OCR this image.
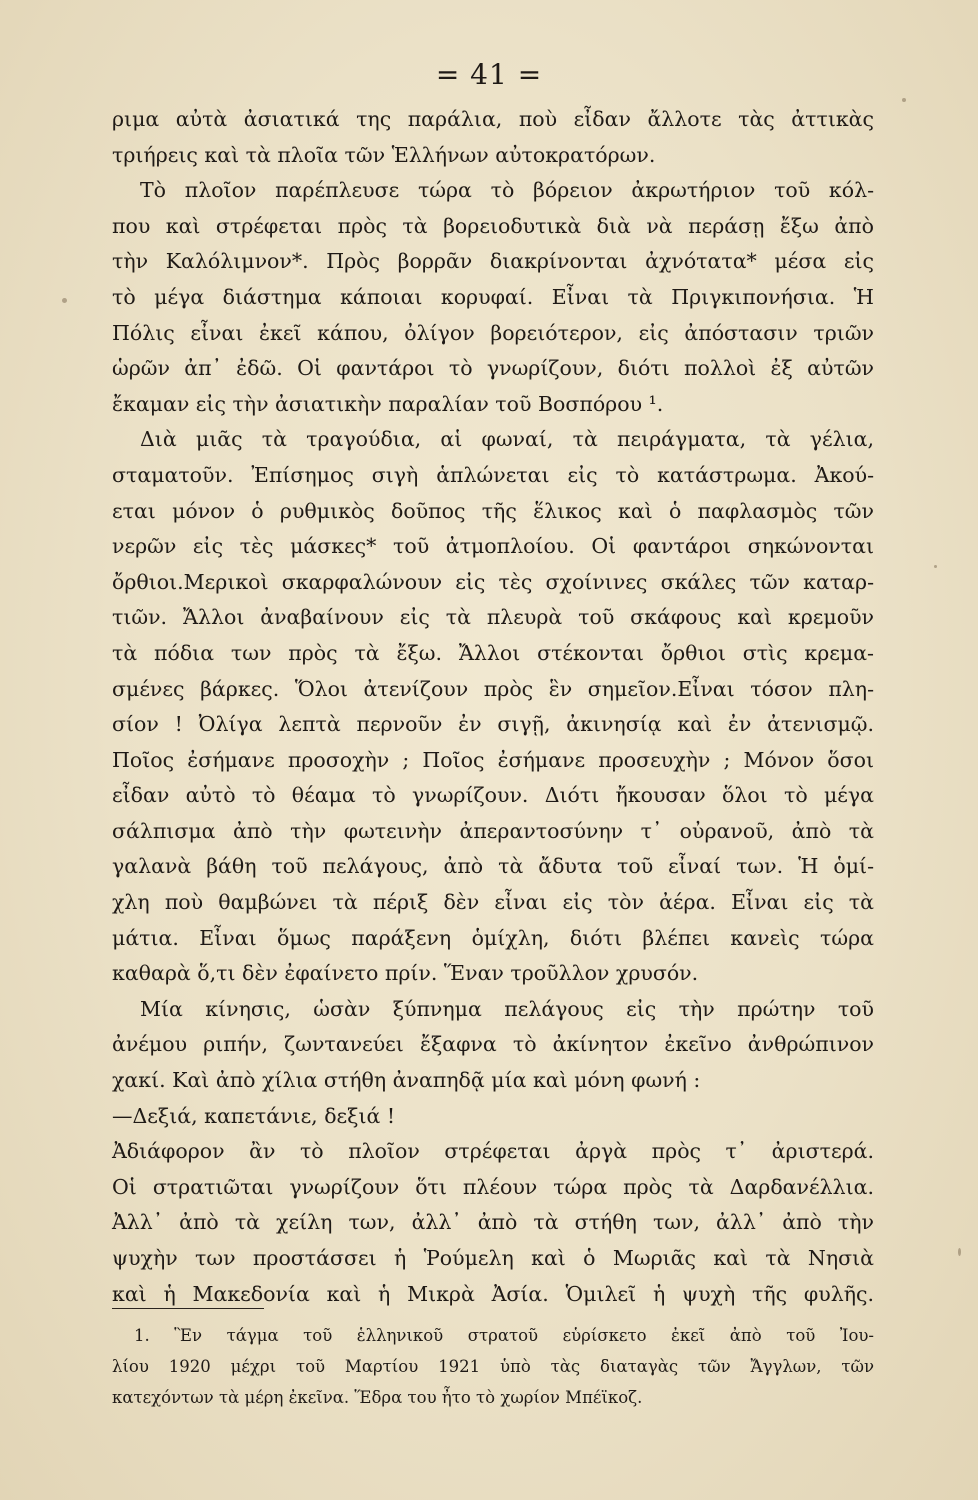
= 41 =
ριμα αὐτὰ ἀσιατικά της παράλια, ποὺ εἶδαν ἄλλοτε τὰς ἀττικὰς
τριήρεις καὶ τὰ πλοῖα τῶν Ἑλλήνων αὐτοκρατόρων.
Τὸ πλοῖον παρέπλευσε τώρα τὸ βόρειον ἀκρωτήριον τοῦ κόλ-
που καὶ στρέφεται πρὸς τὰ βορειοδυτικὰ διὰ νὰ περάσῃ ἔξω ἀπὸ
τὴν Καλόλιμνον*. Πρὸς βορρᾶν διακρίνονται ἀχνότατα* μέσα εἰς
τὸ μέγα διάστημα κάποιαι κορυφαί. Εἶναι τὰ Πριγκιπονήσια. Ἡ
Πόλις εἶναι ἐκεῖ κάπου, ὀλίγον βορειότερον, εἰς ἀπόστασιν τριῶν
ὡρῶν ἀπ᾽ ἐδῶ. Οἱ φαντάροι τὸ γνωρίζουν, διότι πολλοὶ ἐξ αὐτῶν
ἔκαμαν εἰς τὴν ἀσιατικὴν παραλίαν τοῦ Βοσπόρου ¹.
Διὰ μιᾶς τὰ τραγούδια, αἱ φωναί, τὰ πειράγματα, τὰ γέλια,
σταματοῦν. Ἐπίσημος σιγὴ ἁπλώνεται εἰς τὸ κατάστρωμα. Ἀκού-
εται μόνον ὁ ρυθμικὸς δοῦπος τῆς ἕλικος καὶ ὁ παφλασμὸς τῶν
νερῶν εἰς τὲς μάσκες* τοῦ ἀτμοπλοίου. Οἱ φαντάροι σηκώνονται
ὄρθιοι.Μερικοὶ σκαρφαλώνουν εἰς τὲς σχοίνινες σκάλες τῶν καταρ-
τιῶν. Ἄλλοι ἀναβαίνουν εἰς τὰ πλευρὰ τοῦ σκάφους καὶ κρεμοῦν
τὰ πόδια των πρὸς τὰ ἔξω. Ἄλλοι στέκονται ὄρθιοι στὶς κρεμα-
σμένες βάρκες. Ὅλοι ἀτενίζουν πρὸς ἓν σημεῖον.Εἶναι τόσον πλη-
σίον ! Ὀλίγα λεπτὰ περνοῦν ἐν σιγῇ, ἀκινησίᾳ καὶ ἐν ἀτενισμῷ.
Ποῖος ἐσήμανε προσοχὴν ; Ποῖος ἐσήμανε προσευχὴν ; Μόνον ὅσοι
εἶδαν αὐτὸ τὸ θέαμα τὸ γνωρίζουν. Διότι ἤκουσαν ὅλοι τὸ μέγα
σάλπισμα ἀπὸ τὴν φωτεινὴν ἀπεραντοσύνην τ᾽ οὐρανοῦ, ἀπὸ τὰ
γαλανὰ βάθη τοῦ πελάγους, ἀπὸ τὰ ἄδυτα τοῦ εἶναί των. Ἡ ὁμί-
χλη ποὺ θαμβώνει τὰ πέριξ δὲν εἶναι εἰς τὸν ἀέρα. Εἶναι εἰς τὰ
μάτια. Εἶναι ὅμως παράξενη ὁμίχλη, διότι βλέπει κανεὶς τώρα
καθαρὰ ὅ,τι δὲν ἐφαίνετο πρίν. Ἕναν τροῦλλον χρυσόν.
Μία κίνησις, ὡσὰν ξύπνημα πελάγους εἰς τὴν πρώτην τοῦ
ἀνέμου ριπήν, ζωντανεύει ἔξαφνα τὸ ἀκίνητον ἐκεῖνο ἀνθρώπινον
χακί. Καὶ ἀπὸ χίλια στήθη ἀναπηδᾷ μία καὶ μόνη φωνή :
—Δεξιά, καπετάνιε, δεξιά !
Ἀδιάφορον ἂν τὸ πλοῖον στρέφεται ἀργὰ πρὸς τ᾽ ἀριστερά.
Οἱ στρατιῶται γνωρίζουν ὅτι πλέουν τώρα πρὸς τὰ Δαρδανέλλια.
Ἀλλ᾽ ἀπὸ τὰ χείλη των, ἀλλ᾽ ἀπὸ τὰ στήθη των, ἀλλ᾽ ἀπὸ τὴν
ψυχὴν των προστάσσει ἡ Ῥούμελη καὶ ὁ Μωριᾶς καὶ τὰ Νησιὰ
καὶ ἡ Μακεδονία καὶ ἡ Μικρὰ Ἀσία. Ὁμιλεῖ ἡ ψυχὴ τῆς φυλῆς.
1. Ἓν τάγμα τοῦ ἑλληνικοῦ στρατοῦ εὑρίσκετο ἐκεῖ ἀπὸ τοῦ Ἰου-
λίου 1920 μέχρι τοῦ Μαρτίου 1921 ὑπὸ τὰς διαταγὰς τῶν Ἄγγλων, τῶν
κατεχόντων τὰ μέρη ἐκεῖνα. Ἕδρα του ἦτο τὸ χωρίον Μπέϊκοζ.
